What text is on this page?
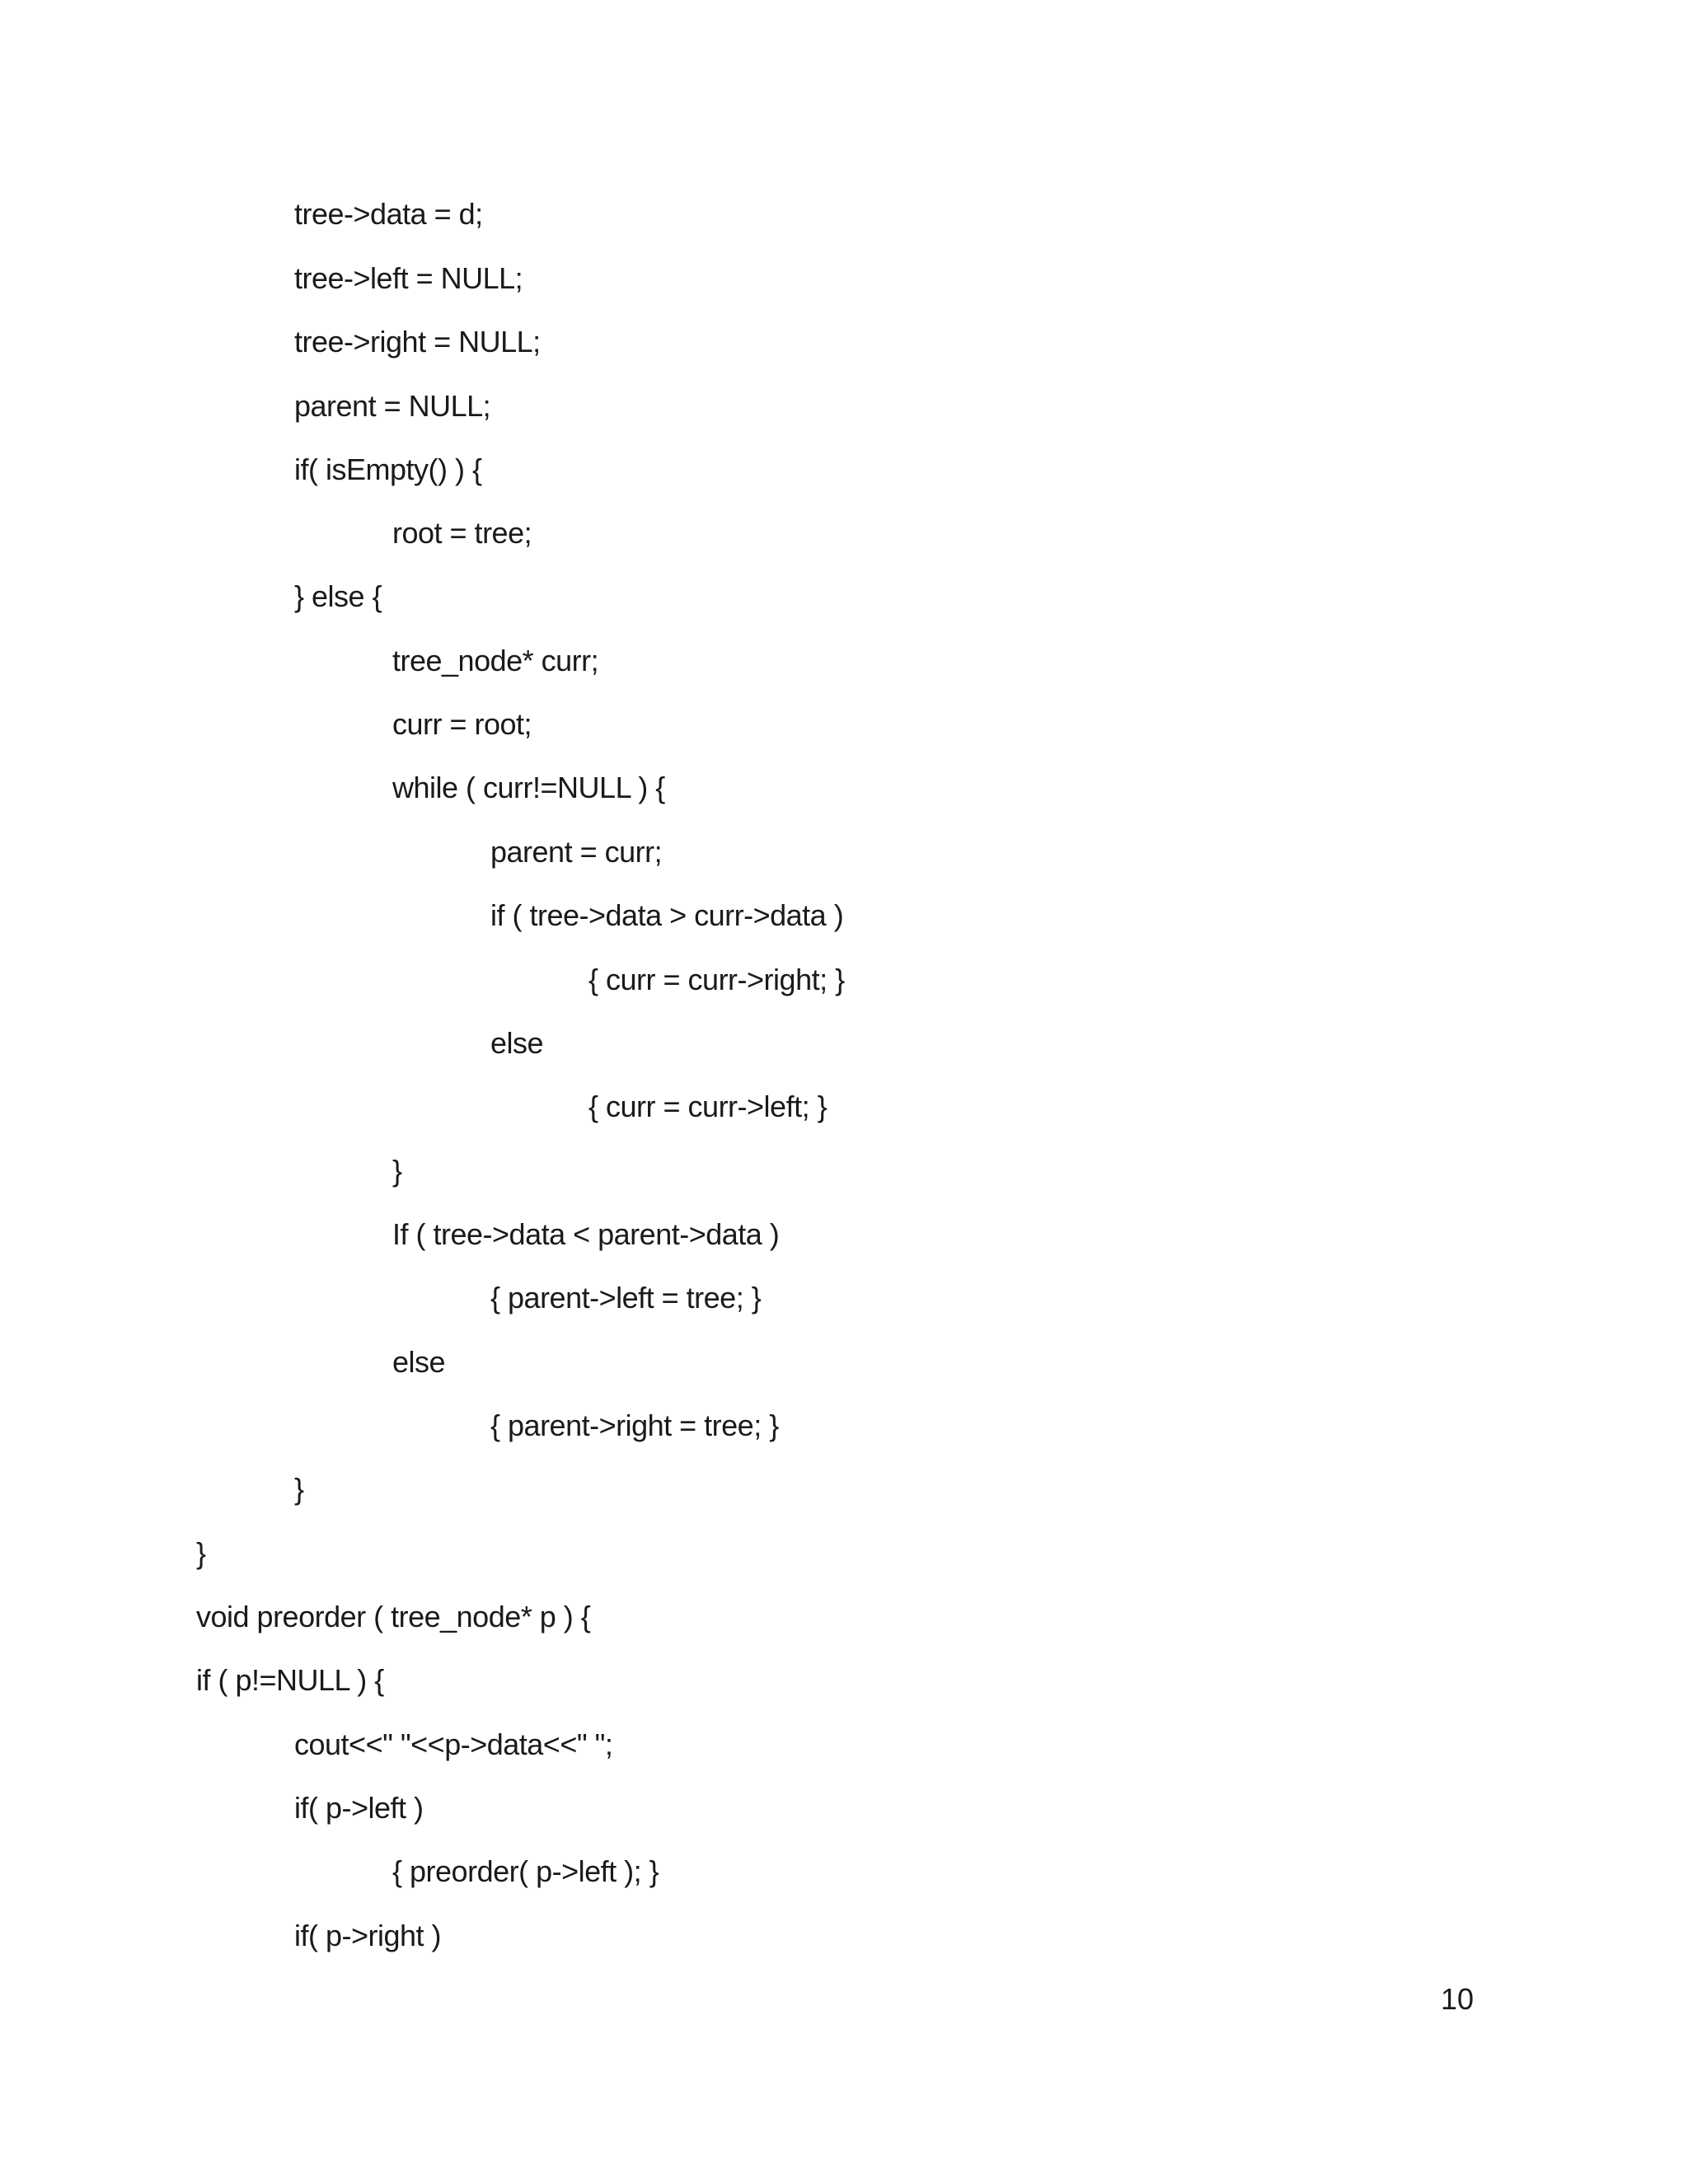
tree->data = d;
tree->left = NULL;
tree->right = NULL;
parent = NULL;
if( isEmpty() ) {
root = tree;
} else {
tree_node* curr;
curr = root;
while ( curr!=NULL ) {
parent = curr;
if ( tree->data > curr->data )
{ curr = curr->right; }
else
{ curr = curr->left; }
}
If ( tree->data < parent->data )
{ parent->left = tree; }
else
{ parent->right = tree; }
}
}
void preorder ( tree_node* p ) {
if ( p!=NULL ) {
cout<<" "<<p->data<<" ";
if( p->left )
{ preorder( p->left ); }
if( p->right )
10
